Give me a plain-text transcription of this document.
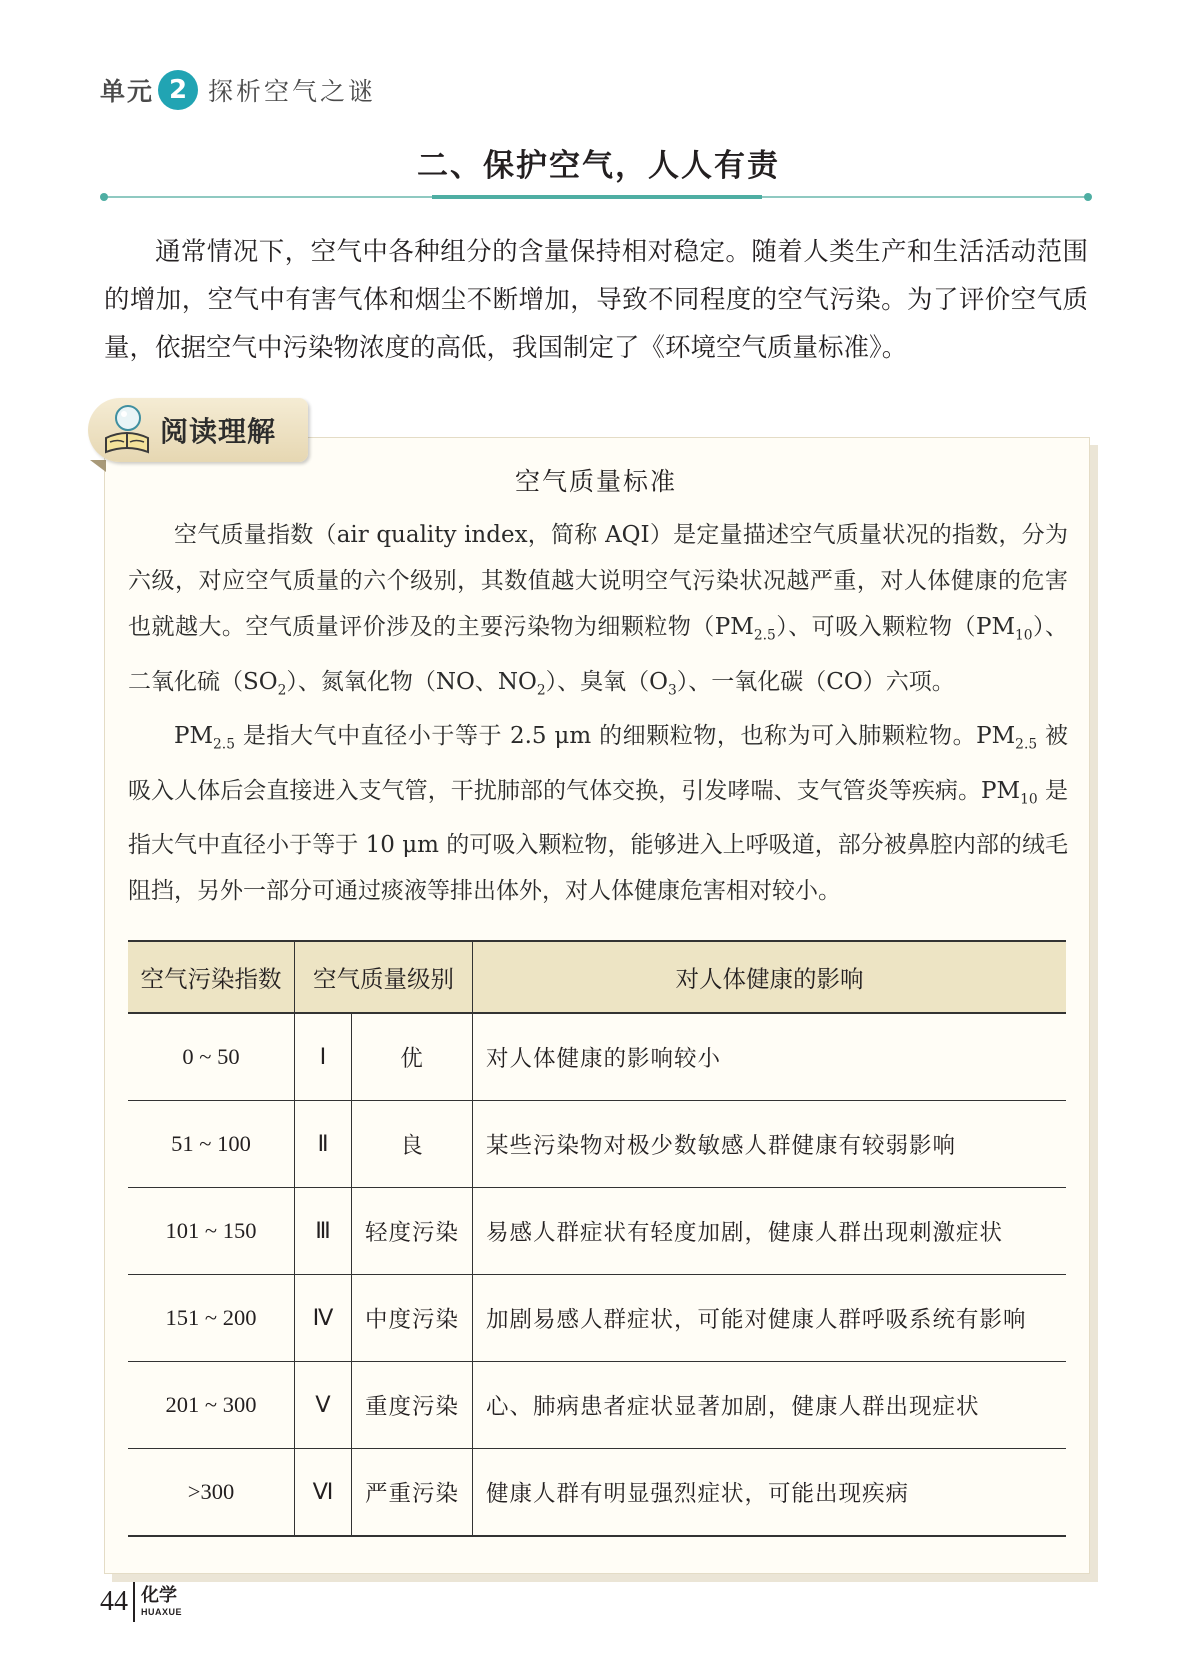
单元 2 探析空气之谜
二、保护空气，人人有责

通常情况下，空气中各种组分的含量保持相对稳定。随着人类生产和生活活动范围的增加，空气中有害气体和烟尘不断增加，导致不同程度的空气污染。为了评价空气质量，依据空气中污染物浓度的高低，我国制定了《环境空气质量标准》。

阅读理解
空气质量标准

空气质量指数（air quality index，简称 AQI）是定量描述空气质量状况的指数，分为六级，对应空气质量的六个级别，其数值越大说明空气污染状况越严重，对人体健康的危害也就越大。空气质量评价涉及的主要污染物为细颗粒物$(PM_{2.5})$、可吸入颗粒物$(PM_{10})$、二氧化硫$(SO_2)$、氮氧化物（NO、$NO_2$）、臭氧$(O_3)$、一氧化碳（CO）六项。

$PM_{2.5}$ 是指大气中直径小于等于 2.5 μm 的细颗粒物，也称为可入肺颗粒物。$PM_{2.5}$ 被吸入人体后会直接进入支气管，干扰肺部的气体交换，引发哮喘、支气管炎等疾病。$PM_{10}$ 是指大气中直径小于等于 10 μm 的可吸入颗粒物，能够进入上呼吸道，部分被鼻腔内部的绒毛阻挡，另外一部分可通过痰液等排出体外，对人体健康危害相对较小。

空气污染指数	空气质量级别		对人体健康的影响
0 ~ 50	Ⅰ	优	对人体健康的影响较小
51 ~ 100	Ⅱ	良	某些污染物对极少数敏感人群健康有较弱影响
101 ~ 150	Ⅲ	轻度污染	易感人群症状有轻度加剧，健康人群出现刺激症状
151 ~ 200	Ⅳ	中度污染	加剧易感人群症状，可能对健康人群呼吸系统有影响
201 ~ 300	Ⅴ	重度污染	心、肺病患者症状显著加剧，健康人群出现症状
>300	Ⅵ	严重污染	健康人群有明显强烈症状，可能出现疾病
44 化学
HUAXUE
